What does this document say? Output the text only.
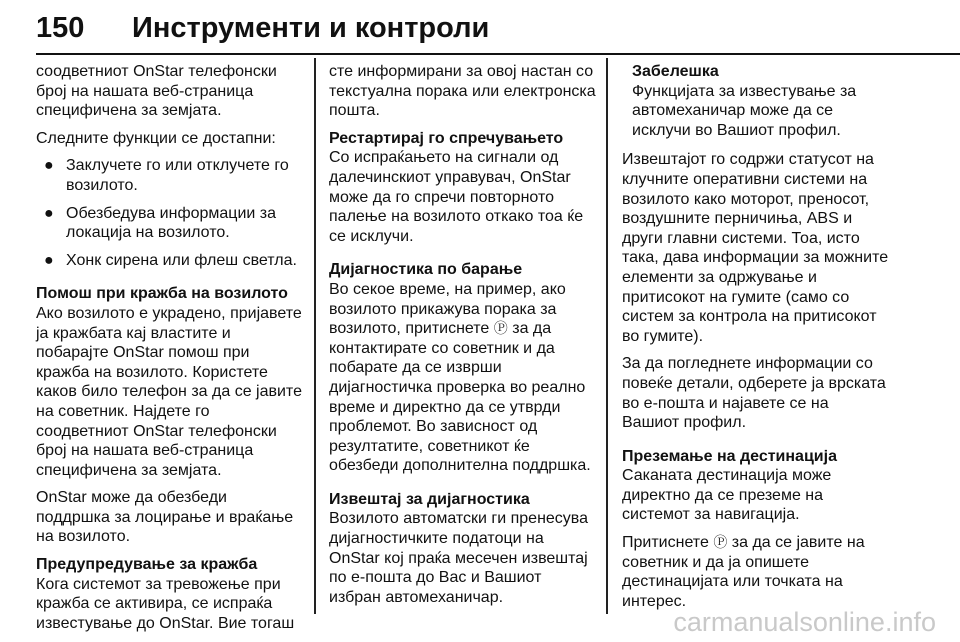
150 Инструменти и контроли

соодветниот OnStar телефонски број на нашата веб-страница специфичена за земјата.

Следните функции се достапни:

● Заклучете го или отклучете го возилото.
● Обезбедува информации за локација на возилото.
● Хонк сирена или флеш светла.
Помош при кражба на возилото

Ако возилото е украдено, пријавете ја кражбата кај властите и побарајте OnStar помош при кражба на возилото. Користете каков било телефон за да се јавите на советник. Најдете го соодветниот OnStar телефонски број на нашата веб-страница специфичена за земјата.

OnStar може да обезбеди поддршка за лоцирање и враќање на возилото.

Предупредување за кражба

Кога системот за тревожење при кражба се активира, се испраќа известување до OnStar. Вие тогаш

сте информирани за овој настан со текстуална порака или електронска пошта.

Рестартирај го спречувањето

Со испраќањето на сигнали од далечинскиот управувач, OnStar може да го спречи повторното палење на возилото откако тоа ќе се исклучи.

Дијагностика по барање

Во секое време, на пример, ако возилото прикажува порака за возилото, притиснете Ⓟ за да контактирате со советник и да побарате да се изврши дијагностичка проверка во реално време и директно да се утврди проблемот. Во зависност од резултатите, советникот ќе обезбеди дополнителна поддршка.

Извештај за дијагностика

Возилото автоматски ги пренесува дијагностичките податоци на OnStar кој праќа месечен извештај по е-пошта до Вас и Вашиот избран автомеханичар.

Забелешка
Функцијата за известување за автомеханичар може да се исклучи во Вашиот профил.

Извештајот го содржи статусот на клучните оперативни системи на возилото како моторот, преносот, воздушните перничиња, ABS и други главни системи. Тоа, исто така, дава информации за можните елементи за одржување и притисокот на гумите (само со систем за контрола на притисокот во гумите).

За да погледнете информации со повеќе детали, одберете ја врската во е-пошта и најавете се на Вашиот профил.

Преземање на дестинација

Саканата дестинација може директно да се преземе на системот за навигација.

Притиснете Ⓟ за да се јавите на советник и да ја опишете дестинацијата или точката на интерес.

carmanualsonline.info
